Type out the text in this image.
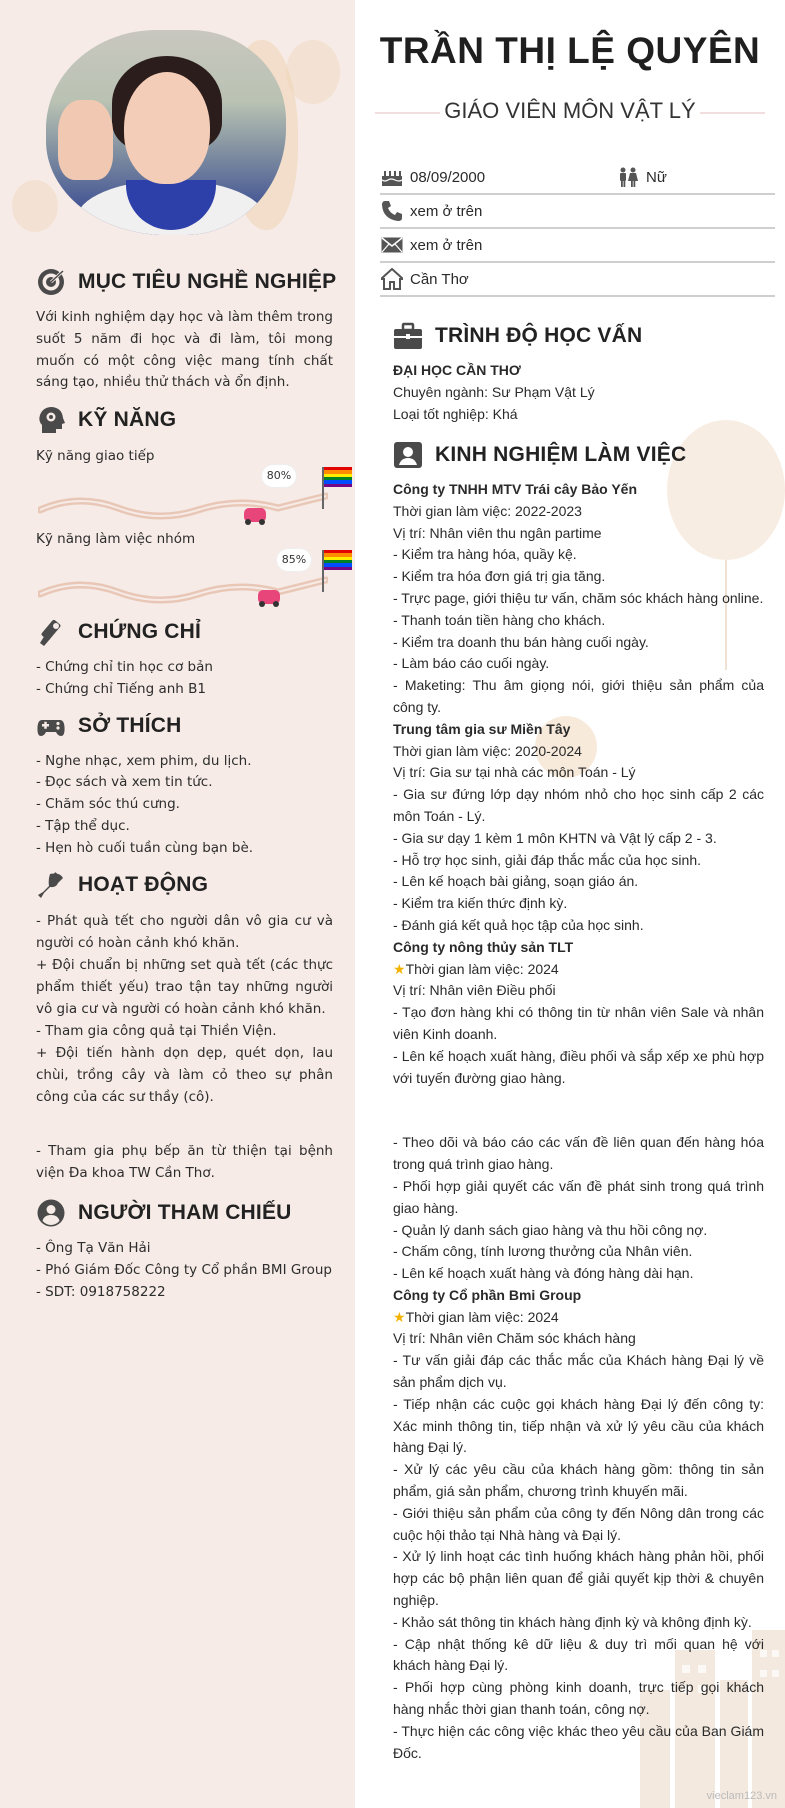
MỤC TIÊU NGHỀ NGHIỆP
Với kinh nghiệm dạy học và làm thêm trong suốt 5 năm đi học và đi làm, tôi mong muốn có một công việc mang tính chất sáng tạo, nhiều thử thách và ổn định.
KỸ NĂNG
Kỹ năng giao tiếp
80%
Kỹ năng làm việc nhóm
85%
CHỨNG CHỈ
- Chứng chỉ tin học cơ bản
- Chứng chỉ Tiếng anh B1
SỞ THÍCH
- Nghe nhạc, xem phim, du lịch.
- Đọc sách và xem tin tức.
- Chăm sóc thú cưng.
- Tập thể dục.
- Hẹn hò cuối tuần cùng bạn bè.
HOẠT ĐỘNG
- Phát quà tết cho người dân vô gia cư và người có hoàn cảnh khó khăn.
+ Đội chuẩn bị những set quà tết (các thực phẩm thiết yếu) trao tận tay những người vô gia cư và người có hoàn cảnh khó khăn.
- Tham gia công quả tại Thiền Viện.
+ Đội tiến hành dọn dẹp, quét dọn, lau chùi, trồng cây và làm cỏ theo sự phân công của các sư thầy (cô).
- Tham gia phụ bếp ăn từ thiện tại bệnh viện Đa khoa TW Cần Thơ.
NGƯỜI THAM CHIẾU
- Ông Tạ Văn Hải
- Phó Giám Đốc Công ty Cổ phần BMI Group
- SDT: 0918758222
TRẦN THỊ LỆ QUYÊN
GIÁO VIÊN MÔN VẬT LÝ
08/09/2000	Nữ
xem ở trên
xem ở trên
Cần Thơ
TRÌNH ĐỘ HỌC VẤN
ĐẠI HỌC CẦN THƠ
Chuyên ngành: Sư Phạm Vật Lý
Loại tốt nghiệp: Khá
KINH NGHIỆM LÀM VIỆC
Công ty TNHH MTV Trái cây Bảo Yến
Thời gian làm việc: 2022-2023
Vị trí: Nhân viên thu ngân partime
- Kiểm tra hàng hóa, quầy kệ.
- Kiểm tra hóa đơn giá trị gia tăng.
- Trực page, giới thiệu tư vấn, chăm sóc khách hàng online.
- Thanh toán tiền hàng cho khách.
- Kiểm tra doanh thu bán hàng cuối ngày.
- Làm báo cáo cuối ngày.
- Maketing: Thu âm giọng nói, giới thiệu sản phẩm của công ty.
Trung tâm gia sư Miền Tây
Thời gian làm việc: 2020-2024
Vị trí: Gia sư tại nhà các môn Toán - Lý
- Gia sư đứng lớp dạy nhóm nhỏ cho học sinh cấp 2 các môn Toán - Lý.
- Gia sư dạy 1 kèm 1 môn KHTN và Vật lý cấp 2 - 3.
- Hỗ trợ học sinh, giải đáp thắc mắc của học sinh.
- Lên kế hoạch bài giảng, soạn giáo án.
- Kiểm tra kiến thức định kỳ.
- Đánh giá kết quả học tập của học sinh.
Công ty nông thủy sản TLT
★Thời gian làm việc: 2024
Vị trí: Nhân viên Điều phối
- Tạo đơn hàng khi có thông tin từ nhân viên Sale và nhân viên Kinh doanh.
- Lên kế hoạch xuất hàng, điều phối và sắp xếp xe phù hợp với tuyến đường giao hàng.
- Theo dõi và báo cáo các vấn đề liên quan đến hàng hóa trong quá trình giao hàng.
- Phối hợp giải quyết các vấn đề phát sinh trong quá trình giao hàng.
- Quản lý danh sách giao hàng và thu hồi công nợ.
- Chấm công, tính lương thưởng của Nhân viên.
- Lên kế hoạch xuất hàng và đóng hàng dài hạn.
Công ty Cổ phần Bmi Group
★Thời gian làm việc: 2024
Vị trí: Nhân viên Chăm sóc khách hàng
- Tư vấn giải đáp các thắc mắc của Khách hàng Đại lý về sản phẩm dịch vụ.
- Tiếp nhận các cuộc gọi khách hàng Đại lý đến công ty: Xác minh thông tin, tiếp nhận và xử lý yêu cầu của khách hàng Đại lý.
- Xử lý các yêu cầu của khách hàng gồm: thông tin sản phẩm, giá sản phẩm, chương trình khuyến mãi.
- Giới thiệu sản phẩm của công ty đến Nông dân trong các cuộc hội thảo tại Nhà hàng và Đại lý.
- Xử lý linh hoạt các tình huống khách hàng phản hồi, phối hợp các bộ phận liên quan để giải quyết kịp thời & chuyên nghiệp.
- Khảo sát thông tin khách hàng định kỳ và không định kỳ.
- Cập nhật thống kê dữ liệu & duy trì mối quan hệ với khách hàng Đại lý.
- Phối hợp cùng phòng kinh doanh, trực tiếp gọi khách hàng nhắc thời gian thanh toán, công nợ.
- Thực hiện các công việc khác theo yêu cầu của Ban Giám Đốc.
vieclam123.vn
